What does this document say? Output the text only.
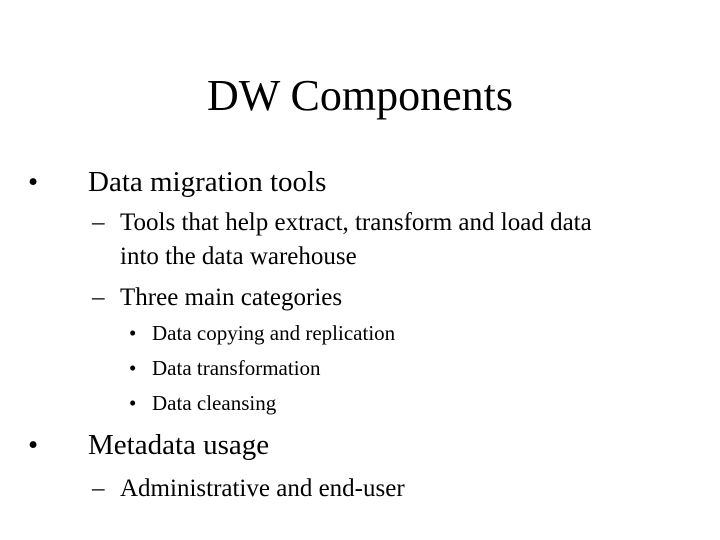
DW Components
• Data migration tools
– Tools that help extract, transform and load data
into the data warehouse
– Three main categories
• Data copying and replication
• Data transformation
• Data cleansing
• Metadata usage
– Administrative and end-user
